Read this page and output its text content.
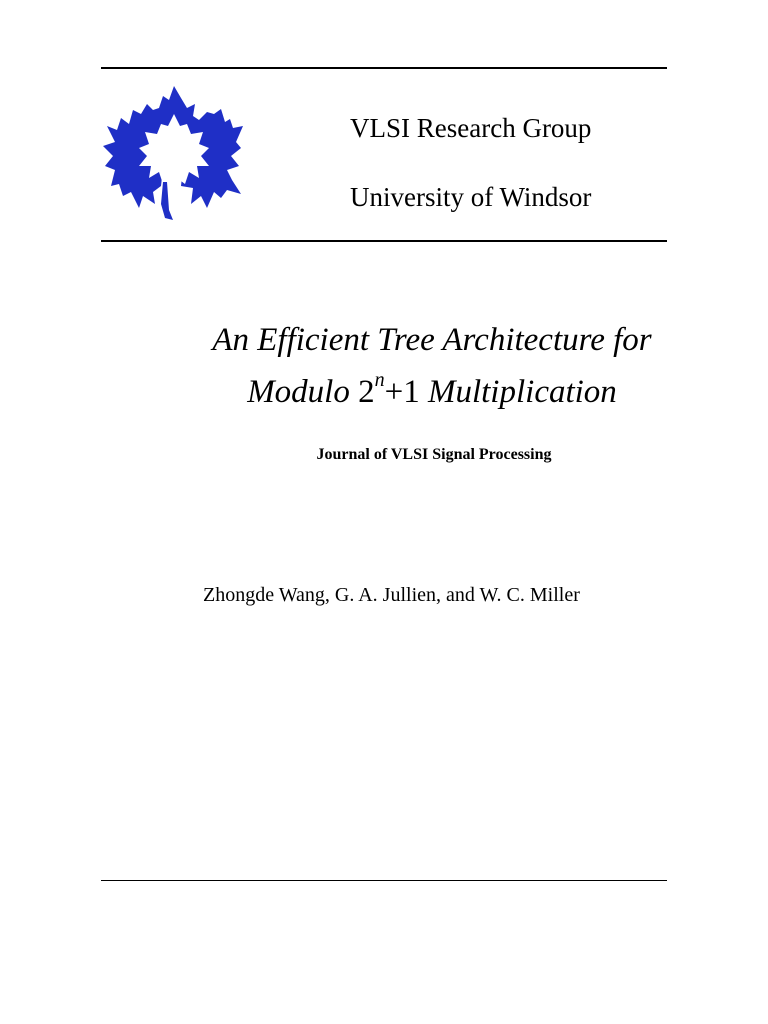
VLSI Research Group
University of Windsor
An Efficient Tree Architecture for
Modulo $2^n+1$ Multiplication
Journal of VLSI Signal Processing
Zhongde Wang, G. A. Jullien, and W. C. Miller
